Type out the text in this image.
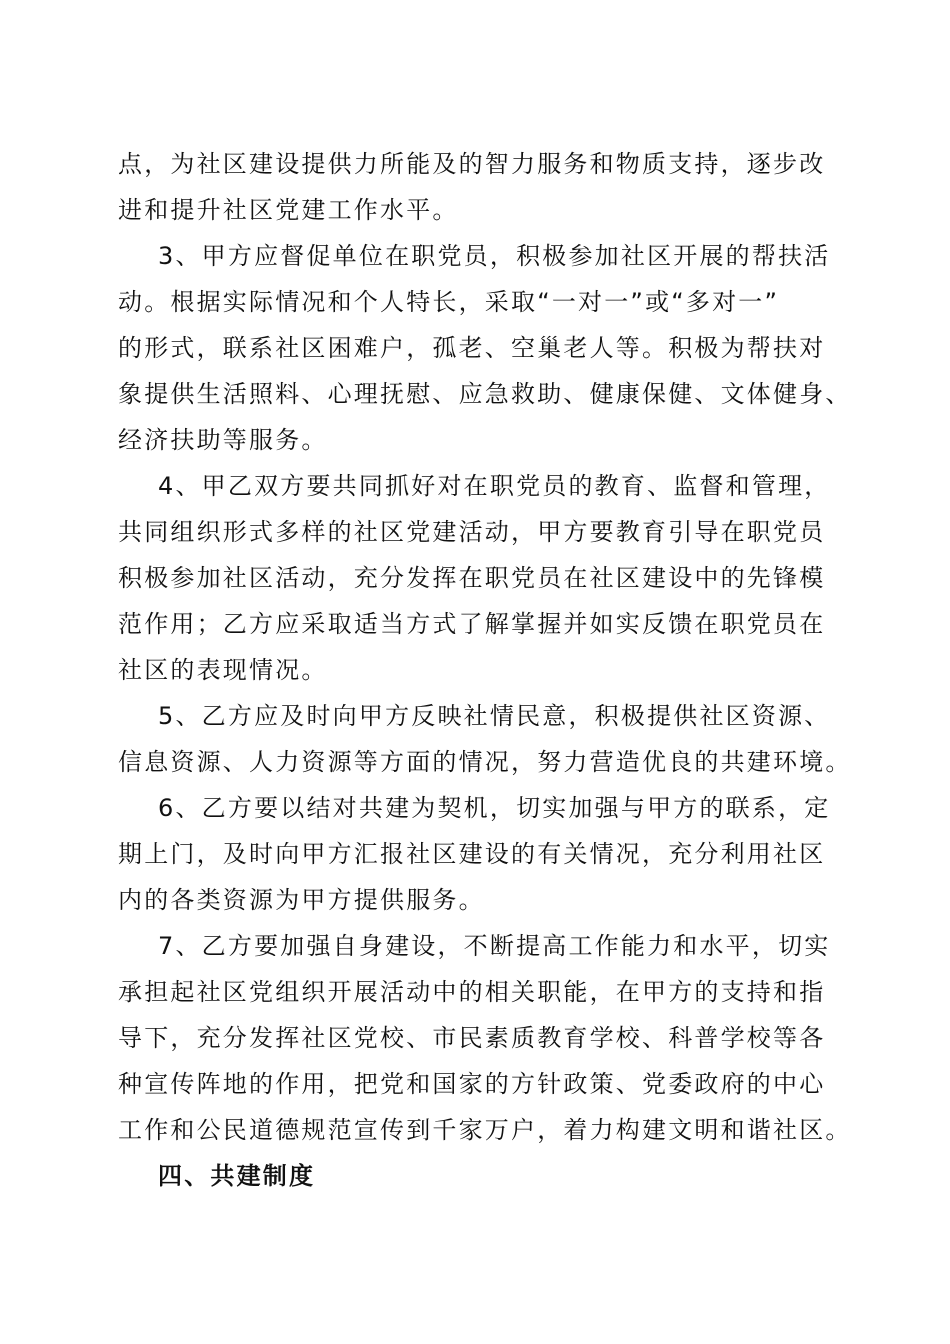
点，为社区建设提供力所能及的智力服务和物质支持，逐步改
进和提升社区党建工作水平。
3、甲方应督促单位在职党员，积极参加社区开展的帮扶活
动。根据实际情况和个人特长，采取“一对一”或“多对一”
的形式，联系社区困难户，孤老、空巢老人等。积极为帮扶对
象提供生活照料、心理抚慰、应急救助、健康保健、文体健身、
经济扶助等服务。
4、甲乙双方要共同抓好对在职党员的教育、监督和管理，
共同组织形式多样的社区党建活动，甲方要教育引导在职党员
积极参加社区活动，充分发挥在职党员在社区建设中的先锋模
范作用；乙方应采取适当方式了解掌握并如实反馈在职党员在
社区的表现情况。
5、乙方应及时向甲方反映社情民意，积极提供社区资源、
信息资源、人力资源等方面的情况，努力营造优良的共建环境。
6、乙方要以结对共建为契机，切实加强与甲方的联系，定
期上门，及时向甲方汇报社区建设的有关情况，充分利用社区
内的各类资源为甲方提供服务。
7、乙方要加强自身建设，不断提高工作能力和水平，切实
承担起社区党组织开展活动中的相关职能，在甲方的支持和指
导下，充分发挥社区党校、市民素质教育学校、科普学校等各
种宣传阵地的作用，把党和国家的方针政策、党委政府的中心
工作和公民道德规范宣传到千家万户，着力构建文明和谐社区。
四、共建制度
